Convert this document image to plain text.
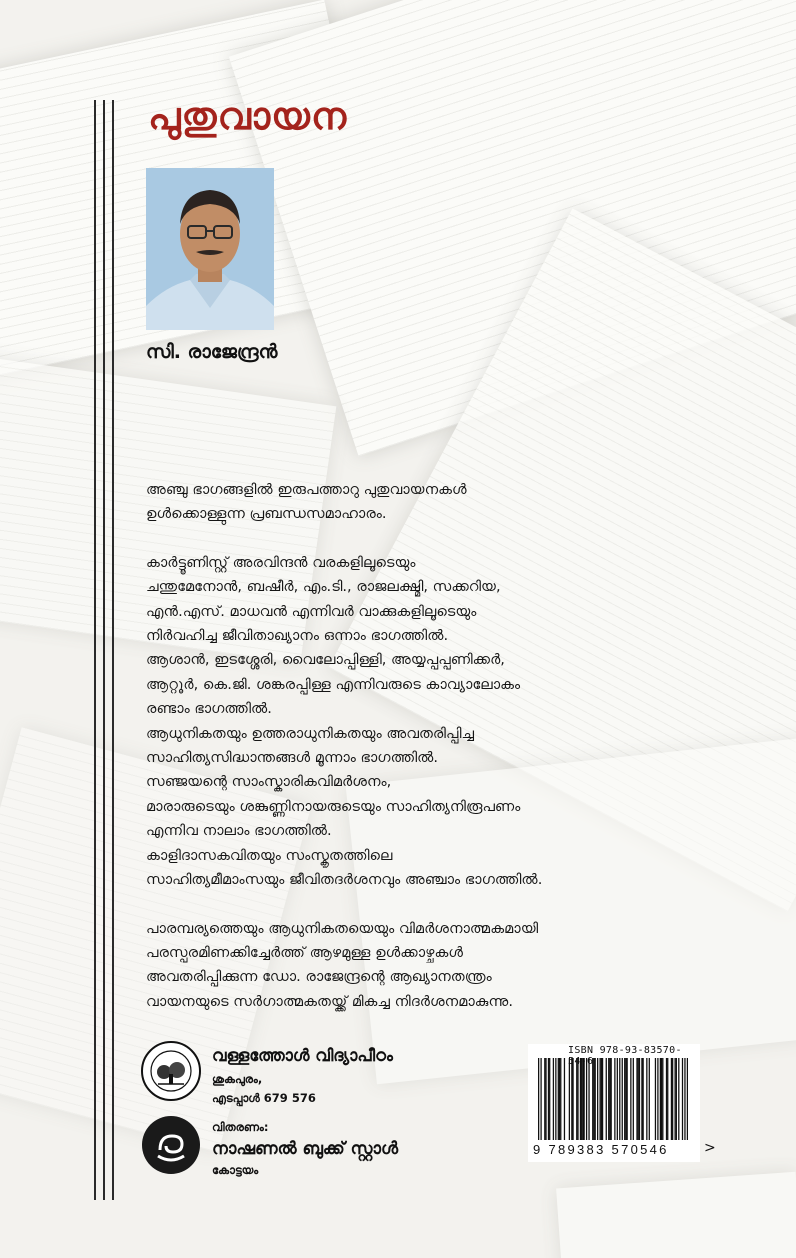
പുതുവായന

സി. രാജേന്ദ്രൻ

അഞ്ചു ഭാഗങ്ങളിൽ ഇരുപത്താറു പുതുവായനകൾ

ഉൾക്കൊള്ളുന്ന പ്രബന്ധസമാഹാരം.

കാർട്ടൂണിസ്റ്റ് അരവിന്ദൻ വരകളിലൂടെയും

ചന്തുമേനോൻ, ബഷീർ, എം.ടി., രാജലക്ഷ്മി, സക്കറിയ,

എൻ.എസ്. മാധവൻ എന്നിവർ വാക്കുകളിലൂടെയും

നിർവഹിച്ച ജീവിതാഖ്യാനം ഒന്നാം ഭാഗത്തിൽ.

ആശാൻ, ഇടശ്ശേരി, വൈലോപ്പിള്ളി, അയ്യപ്പപ്പണിക്കർ,

ആറ്റൂർ, കെ.ജി. ശങ്കരപ്പിള്ള എന്നിവരുടെ കാവ്യാലോകം

രണ്ടാം ഭാഗത്തിൽ.

ആധുനികതയും ഉത്തരാധുനികതയും അവതരിപ്പിച്ച

സാഹിത്യസിദ്ധാന്തങ്ങൾ മൂന്നാം ഭാഗത്തിൽ.

സഞ്ജയന്റെ സാംസ്കാരികവിമർശനം,

മാരാരുടെയും ശങ്കുണ്ണിനായരുടെയും സാഹിത്യനിരൂപണം

എന്നിവ നാലാം ഭാഗത്തിൽ.

കാളിദാസകവിതയും സംസ്കൃതത്തിലെ

സാഹിത്യമീമാംസയും ജീവിതദർശനവും അഞ്ചാം ഭാഗത്തിൽ.

പാരമ്പര്യത്തെയും ആധുനികതയെയും വിമർശനാത്മകമായി

പരസ്പരമിണക്കിച്ചേർത്ത് ആഴമുള്ള ഉൾക്കാഴ്ചകൾ

അവതരിപ്പിക്കുന്ന ഡോ. രാജേന്ദ്രന്റെ ആഖ്യാനതന്ത്രം

വായനയുടെ സർഗാത്മകതയ്ക്ക് മികച്ച നിദർശനമാകുന്നു.

വള്ളത്തോൾ വിദ്യാപീഠം
ശുകപുരം,
എടപ്പാൾ 679 576
വിതരണം:
നാഷണൽ ബുക്ക് സ്റ്റാൾ
കോട്ടയം
ISBN 978-93-83570-5 6
9 789383 570546	>
